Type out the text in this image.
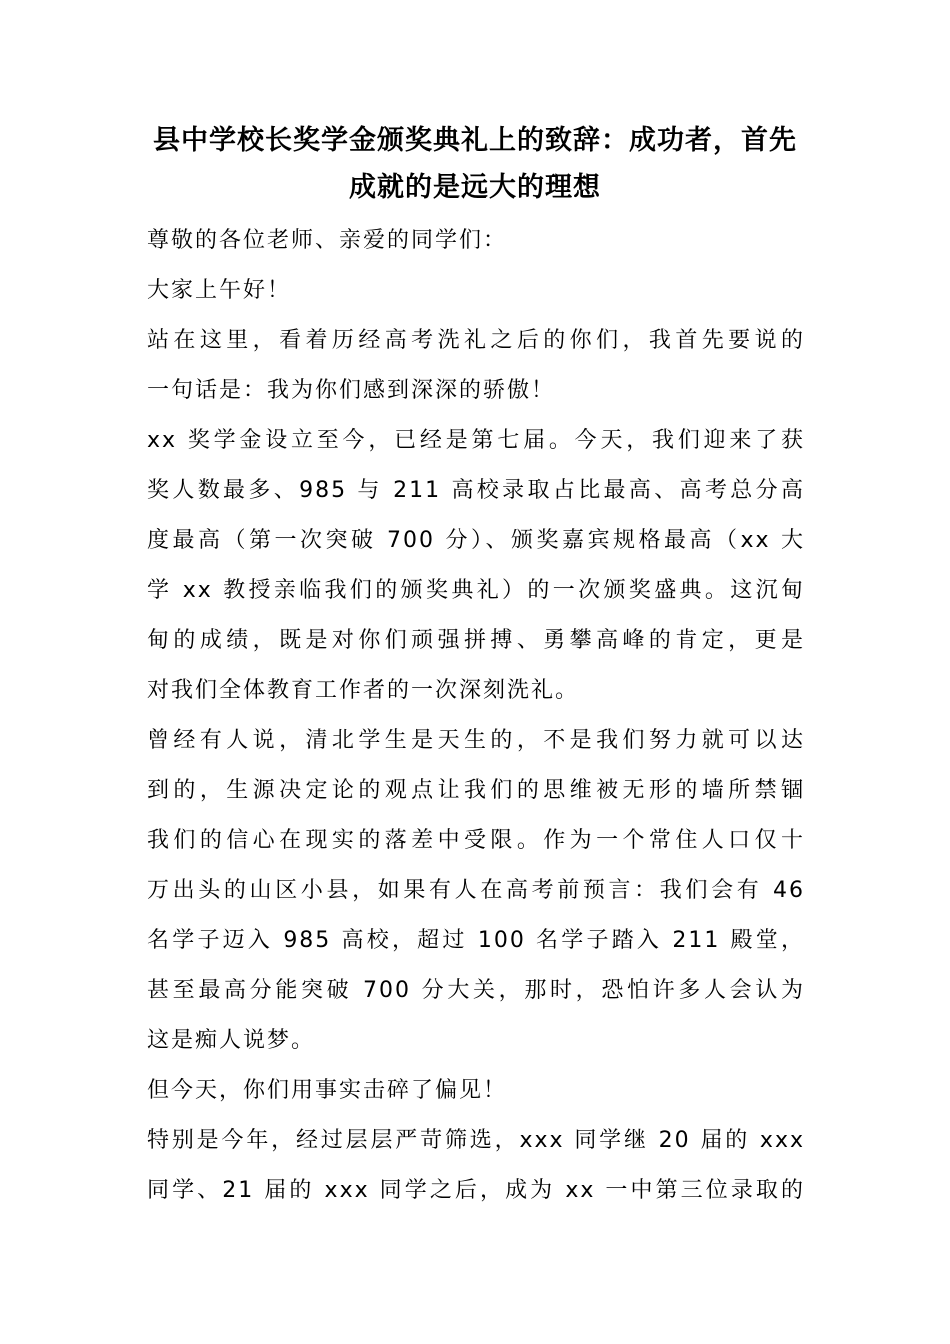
县中学校长奖学金颁奖典礼上的致辞：成功者，首先
成就的是远大的理想

尊敬的各位老师、亲爱的同学们：

大家上午好！

站在这里，看着历经高考洗礼之后的你们，我首先要说的

一句话是：我为你们感到深深的骄傲！

xx 奖学金设立至今，已经是第七届。今天，我们迎来了获

奖人数最多、985 与 211 高校录取占比最高、高考总分高

度最高（第一次突破 700 分）、颁奖嘉宾规格最高（xx 大

学 xx 教授亲临我们的颁奖典礼）的一次颁奖盛典。这沉甸

甸的成绩，既是对你们顽强拼搏、勇攀高峰的肯定，更是

对我们全体教育工作者的一次深刻洗礼。

曾经有人说，清北学生是天生的，不是我们努力就可以达

到的，生源决定论的观点让我们的思维被无形的墙所禁锢

我们的信心在现实的落差中受限。作为一个常住人口仅十

万出头的山区小县，如果有人在高考前预言：我们会有 46

名学子迈入 985 高校，超过 100 名学子踏入 211 殿堂，

甚至最高分能突破 700 分大关，那时，恐怕许多人会认为

这是痴人说梦。

但今天，你们用事实击碎了偏见！

特别是今年，经过层层严苛筛选，xxx 同学继 20 届的 xxx

同学、21 届的 xxx 同学之后，成为 xx 一中第三位录取的
